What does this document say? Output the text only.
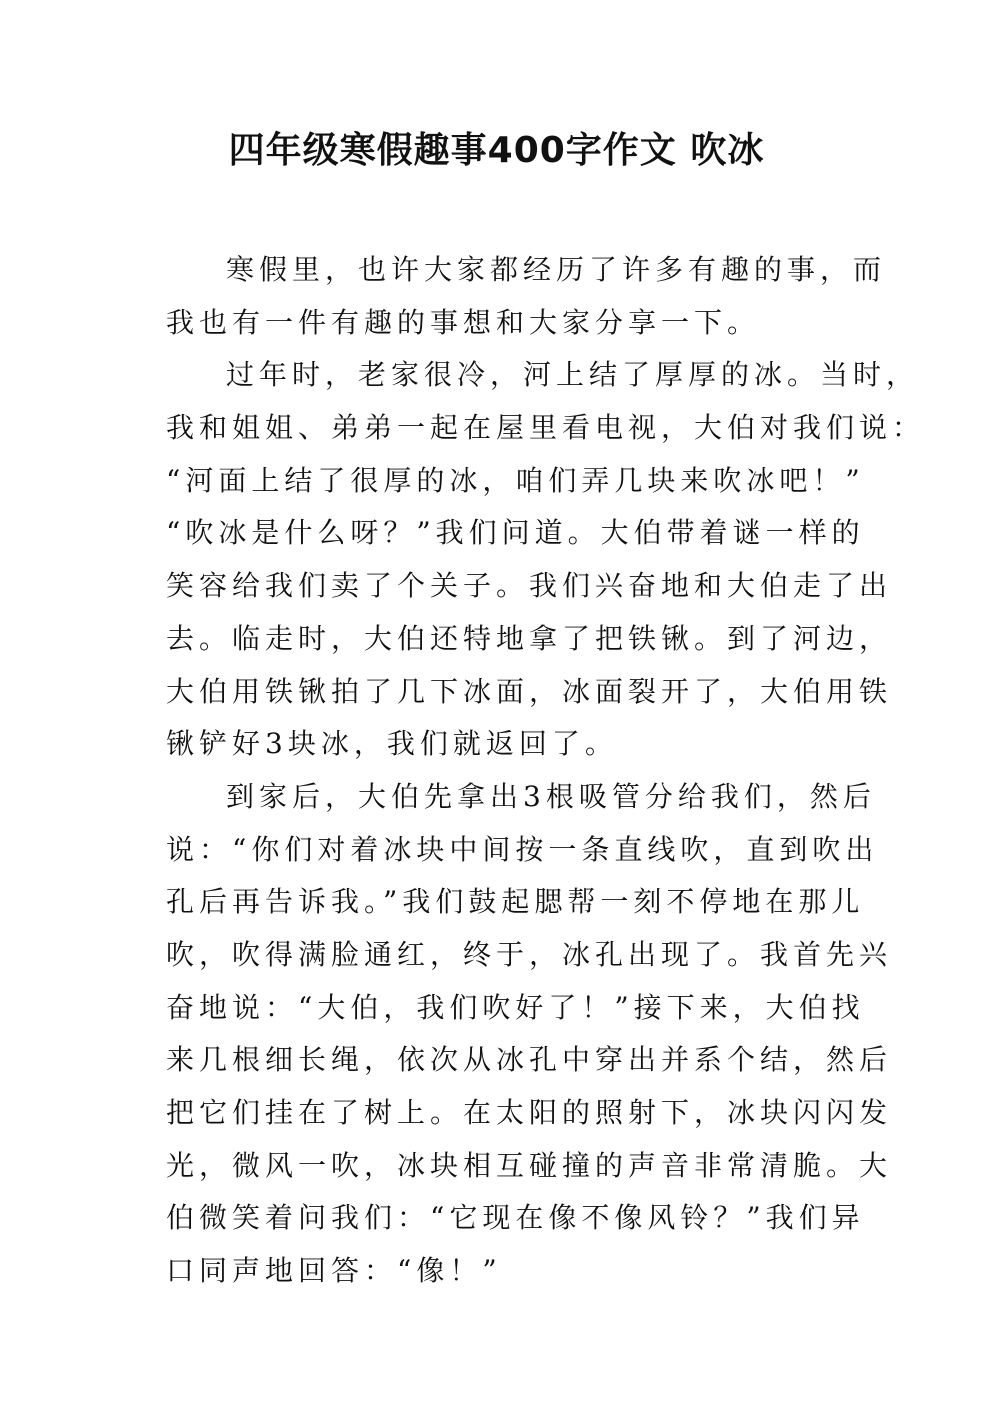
四年级寒假趣事400字作文 吹冰
寒假里，也许大家都经历了许多有趣的事，而
我也有一件有趣的事想和大家分享一下。
过年时，老家很冷，河上结了厚厚的冰。当时，
我和姐姐、弟弟一起在屋里看电视，大伯对我们说：
“河面上结了很厚的冰，咱们弄几块来吹冰吧！”
“吹冰是什么呀？”我们问道。大伯带着谜一样的
笑容给我们卖了个关子。我们兴奋地和大伯走了出
去。临走时，大伯还特地拿了把铁锹。到了河边，
大伯用铁锹拍了几下冰面，冰面裂开了，大伯用铁
锹铲好3块冰，我们就返回了。
到家后，大伯先拿出3根吸管分给我们，然后
说：“你们对着冰块中间按一条直线吹，直到吹出
孔后再告诉我。”我们鼓起腮帮一刻不停地在那儿
吹，吹得满脸通红，终于，冰孔出现了。我首先兴
奋地说：“大伯，我们吹好了！”接下来，大伯找
来几根细长绳，依次从冰孔中穿出并系个结，然后
把它们挂在了树上。在太阳的照射下，冰块闪闪发
光，微风一吹，冰块相互碰撞的声音非常清脆。大
伯微笑着问我们：“它现在像不像风铃？”我们异
口同声地回答：“像！”
